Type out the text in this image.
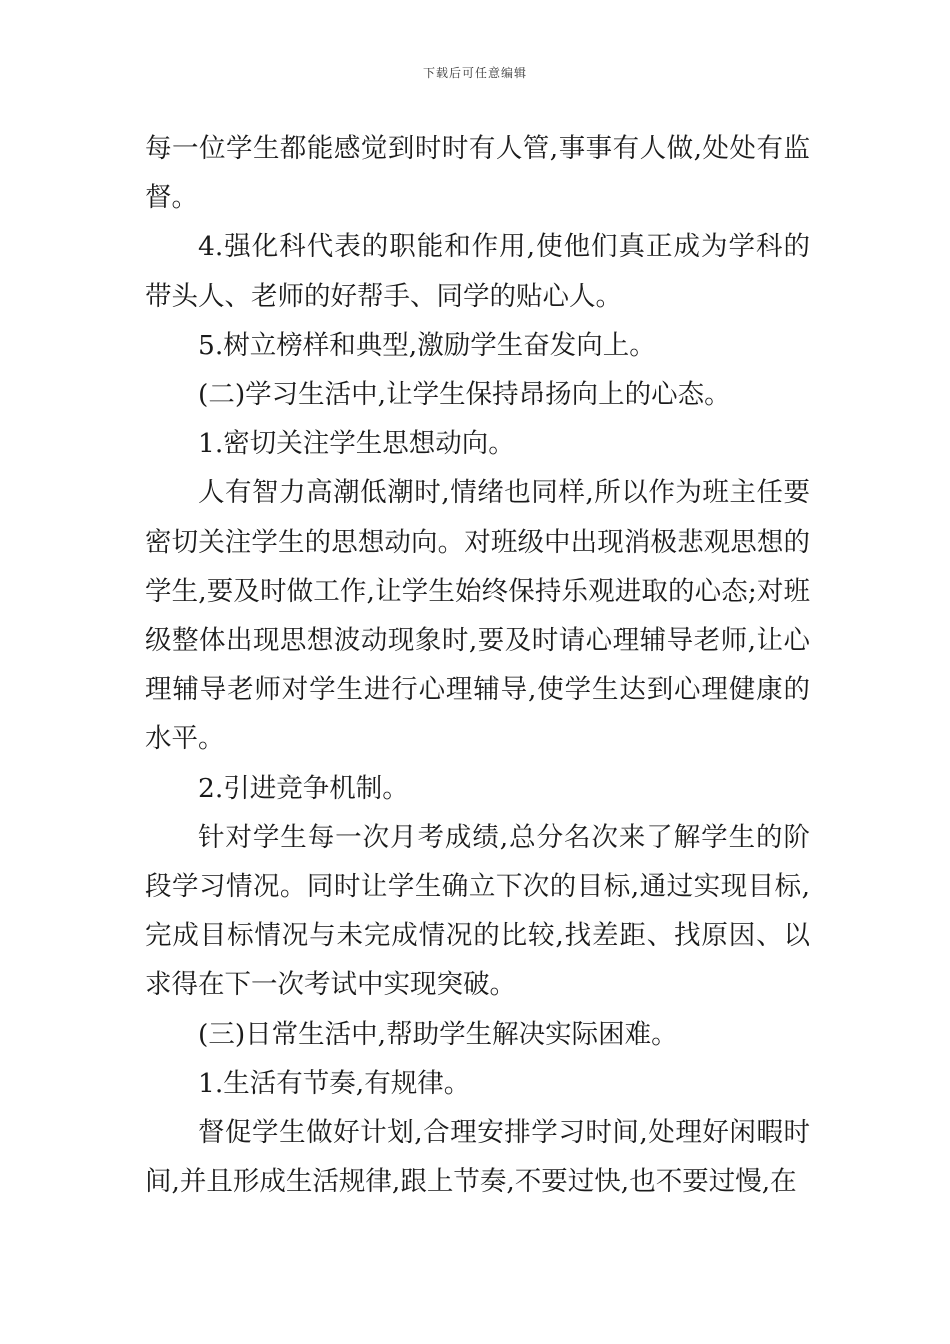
下载后可任意编辑

每一位学生都能感觉到时时有人管,事事有人做,处处有监督。

4.强化科代表的职能和作用,使他们真正成为学科的带头人、老师的好帮手、同学的贴心人。

5.树立榜样和典型,激励学生奋发向上。

(二)学习生活中,让学生保持昂扬向上的心态。

1.密切关注学生思想动向。

人有智力高潮低潮时,情绪也同样,所以作为班主任要密切关注学生的思想动向。对班级中出现消极悲观思想的学生,要及时做工作,让学生始终保持乐观进取的心态;对班级整体出现思想波动现象时,要及时请心理辅导老师,让心理辅导老师对学生进行心理辅导,使学生达到心理健康的水平。

2.引进竞争机制。

针对学生每一次月考成绩,总分名次来了解学生的阶段学习情况。同时让学生确立下次的目标,通过实现目标,完成目标情况与未完成情况的比较,找差距、找原因、以求得在下一次考试中实现突破。

(三)日常生活中,帮助学生解决实际困难。

1.生活有节奏,有规律。

督促学生做好计划,合理安排学习时间,处理好闲暇时间,并且形成生活规律,跟上节奏,不要过快,也不要过慢,在
